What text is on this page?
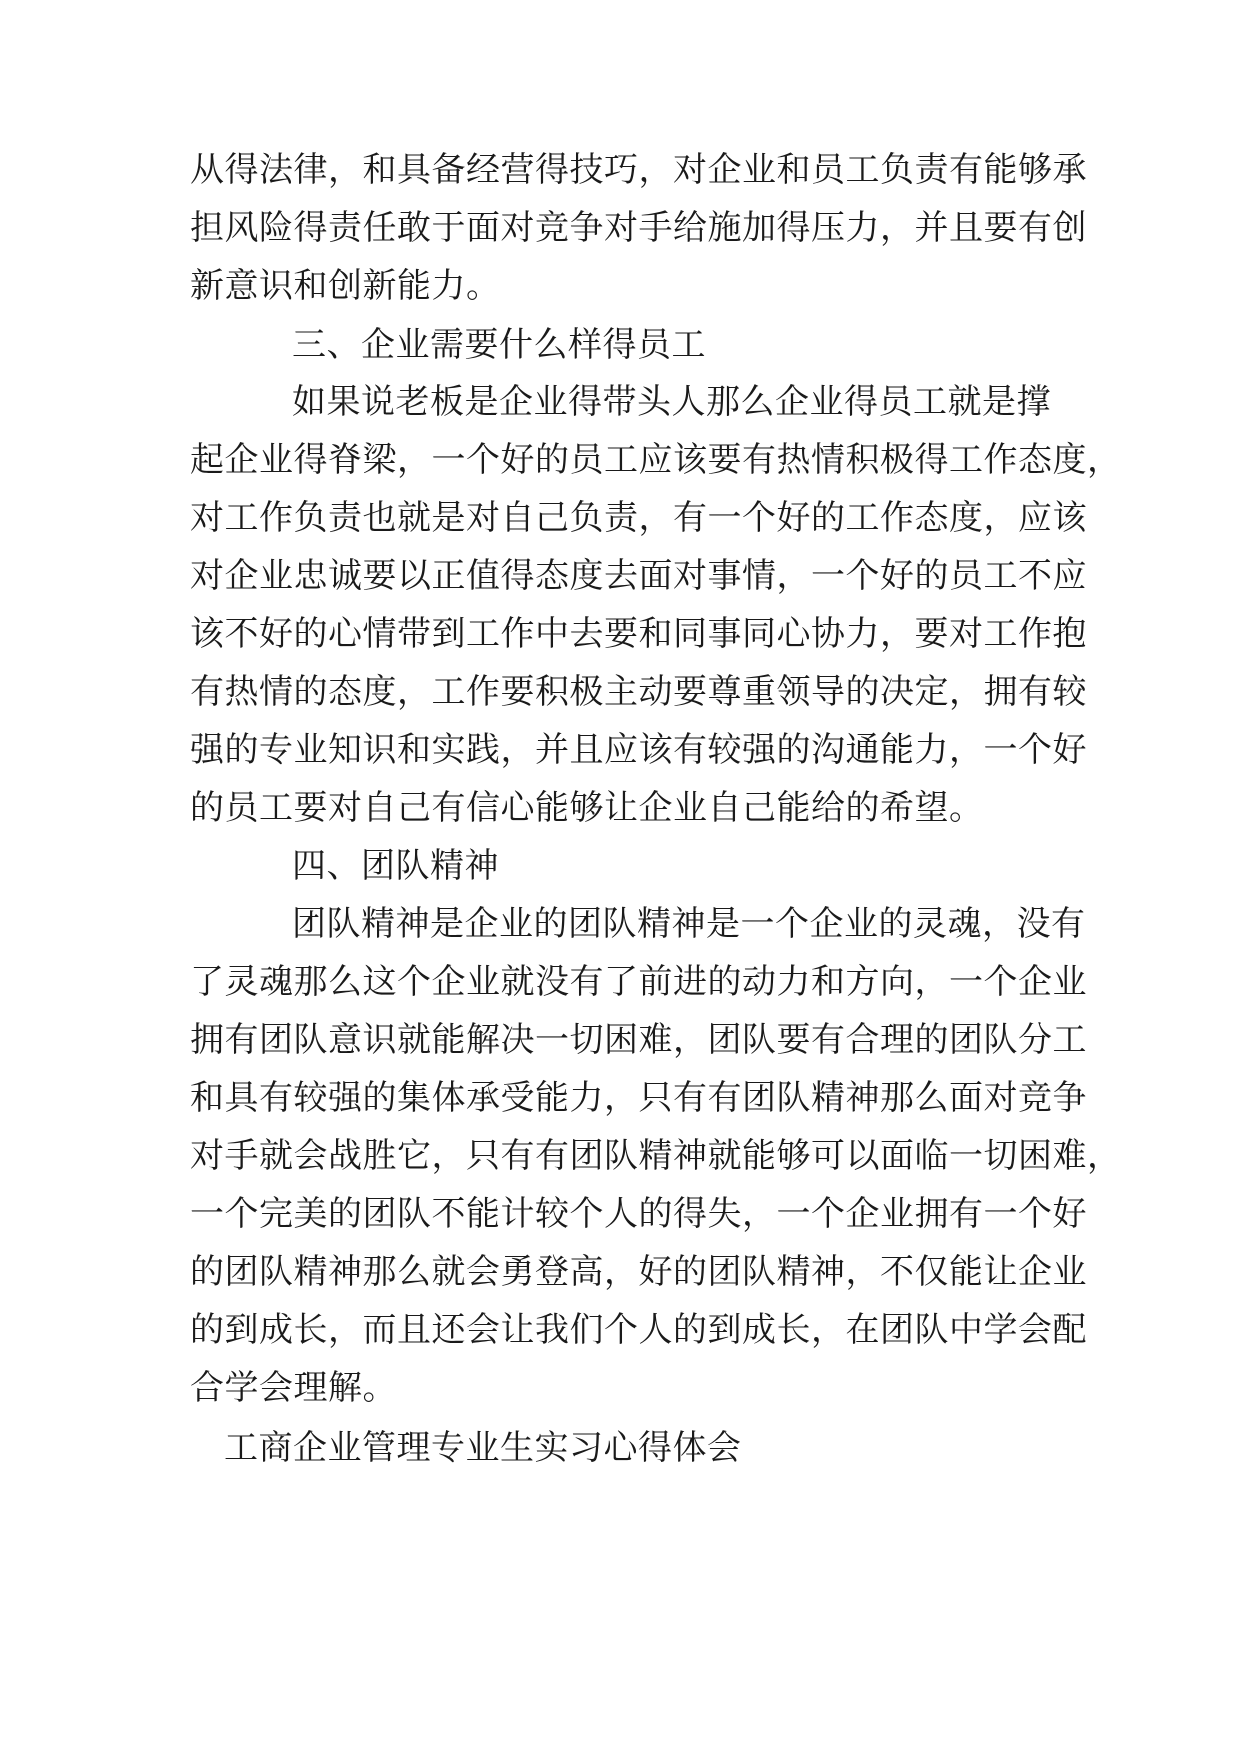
从得法律，和具备经营得技巧，对企业和员工负责有能够承
担风险得责任敢于面对竞争对手给施加得压力，并且要有创
新意识和创新能力。
三、企业需要什么样得员工
如果说老板是企业得带头人那么企业得员工就是撑
起企业得脊梁，一个好的员工应该要有热情积极得工作态度，
对工作负责也就是对自己负责，有一个好的工作态度，应该
对企业忠诚要以正值得态度去面对事情，一个好的员工不应
该不好的心情带到工作中去要和同事同心协力，要对工作抱
有热情的态度，工作要积极主动要尊重领导的决定，拥有较
强的专业知识和实践，并且应该有较强的沟通能力，一个好
的员工要对自己有信心能够让企业自己能给的希望。
四、团队精神
团队精神是企业的团队精神是一个企业的灵魂，没有
了灵魂那么这个企业就没有了前进的动力和方向，一个企业
拥有团队意识就能解决一切困难，团队要有合理的团队分工
和具有较强的集体承受能力，只有有团队精神那么面对竞争
对手就会战胜它，只有有团队精神就能够可以面临一切困难，
一个完美的团队不能计较个人的得失，一个企业拥有一个好
的团队精神那么就会勇登高，好的团队精神，不仅能让企业
的到成长，而且还会让我们个人的到成长，在团队中学会配
合学会理解。
工商企业管理专业生实习心得体会
